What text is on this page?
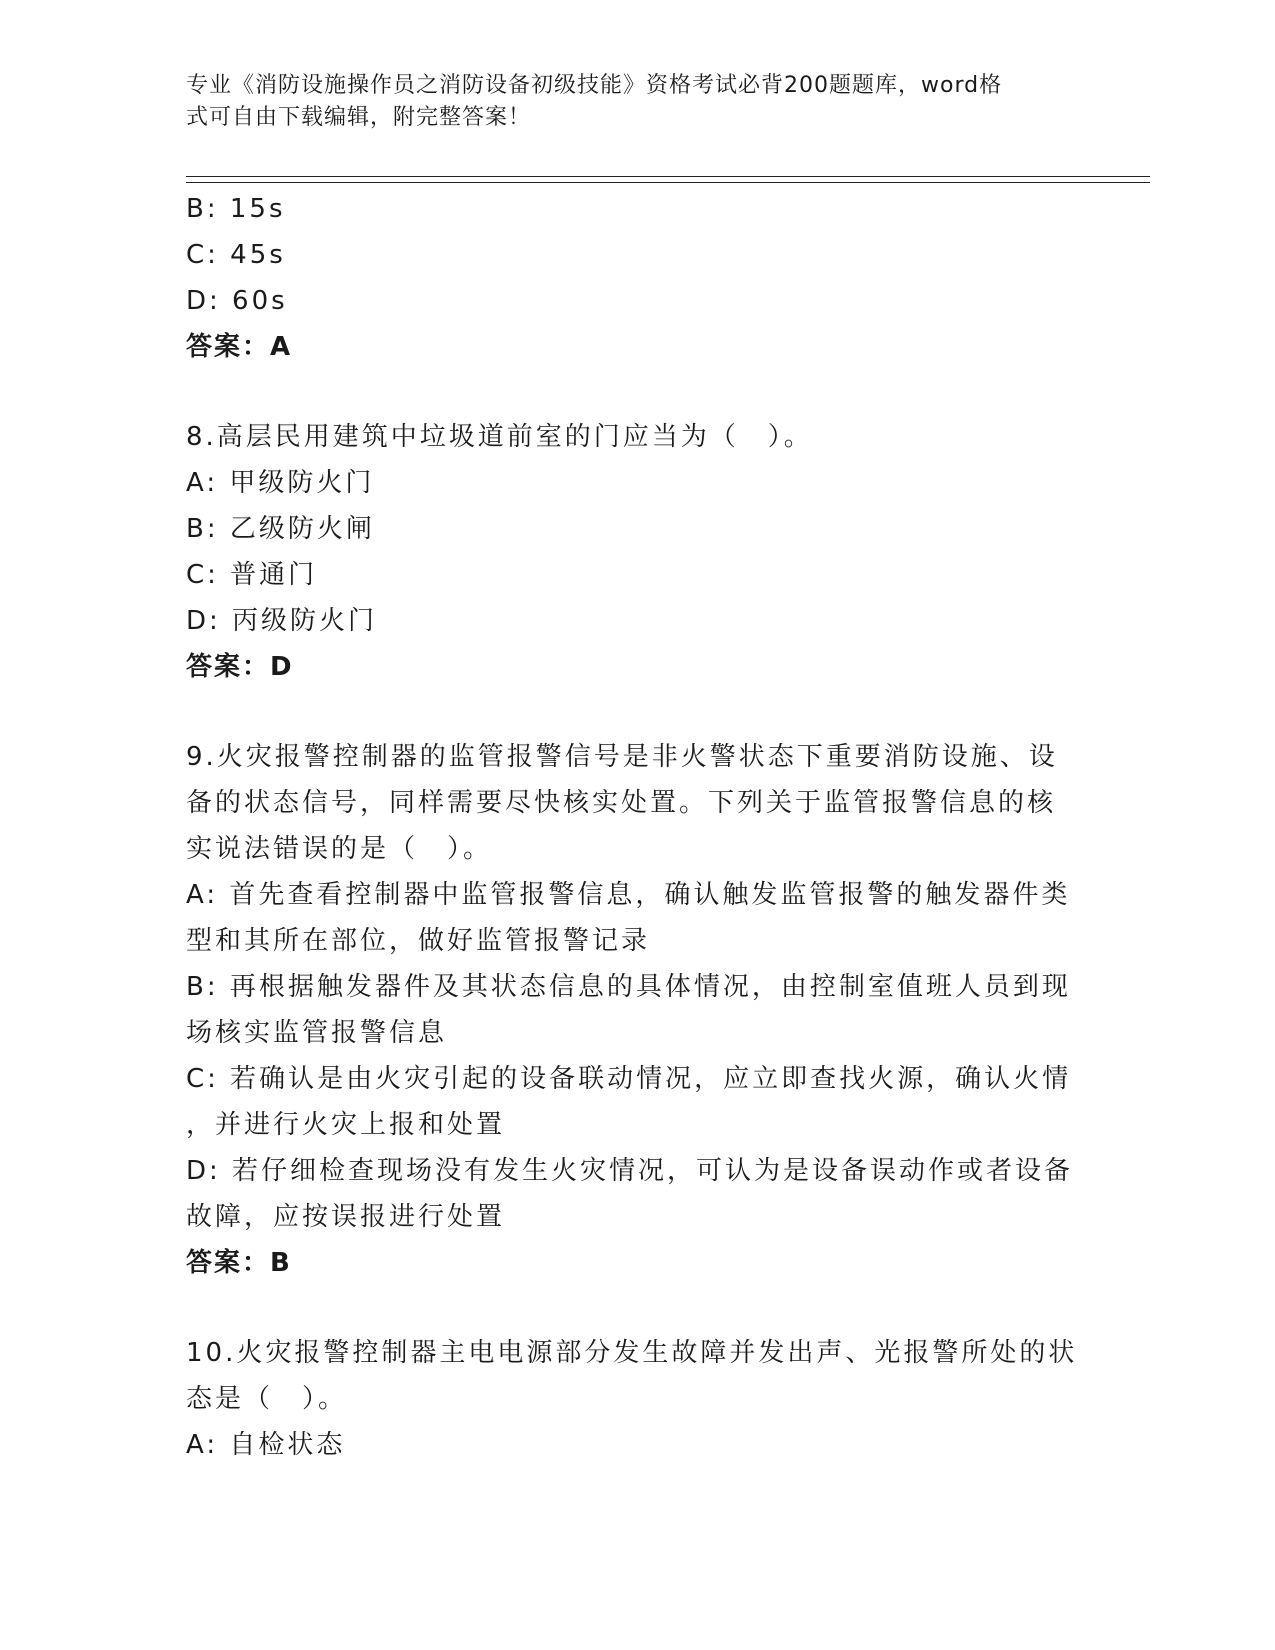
专业《消防设施操作员之消防设备初级技能》资格考试必背200题题库，word格
式可自由下载编辑，附完整答案！
B: 15s
C: 45s
D: 60s
答案：A
8.高层民用建筑中垃圾道前室的门应当为（　）。
A: 甲级防火门
B: 乙级防火闸
C: 普通门
D: 丙级防火门
答案：D
9.火灾报警控制器的监管报警信号是非火警状态下重要消防设施、设
备的状态信号，同样需要尽快核实处置。下列关于监管报警信息的核
实说法错误的是（　）。
A: 首先查看控制器中监管报警信息，确认触发监管报警的触发器件类
型和其所在部位，做好监管报警记录
B: 再根据触发器件及其状态信息的具体情况，由控制室值班人员到现
场核实监管报警信息
C: 若确认是由火灾引起的设备联动情况，应立即查找火源，确认火情
，并进行火灾上报和处置
D: 若仔细检查现场没有发生火灾情况，可认为是设备误动作或者设备
故障，应按误报进行处置
答案：B
10.火灾报警控制器主电电源部分发生故障并发出声、光报警所处的状
态是（　）。
A: 自检状态
